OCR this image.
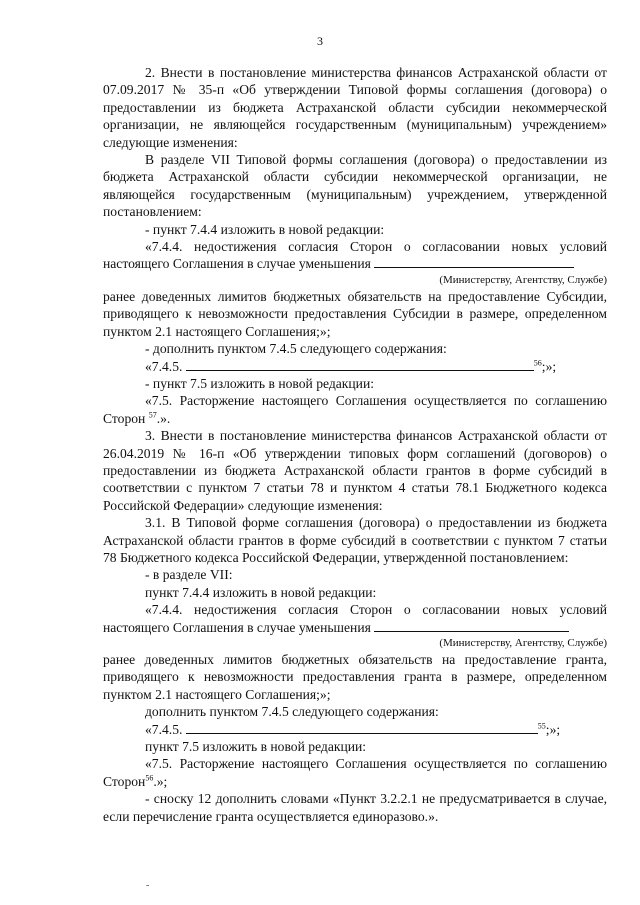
3

2. Внести в постановление министерства финансов Астраханской области от 07.09.2017 № 35-п «Об утверждении Типовой формы соглашения (договора) о предоставлении из бюджета Астраханской области субсидии некоммерческой организации, не являющейся государственным (муниципальным) учреждением» следующие изменения:

В разделе VII Типовой формы соглашения (договора) о предоставлении из бюджета Астраханской области субсидии некоммерческой организации, не являющейся государственным (муниципальным) учреждением, утвержденной постановлением:

- пункт 7.4.4 изложить в новой редакции:

«7.4.4. недостижения согласия Сторон о согласовании новых условий настоящего Соглашения в случае уменьшения

(Министерству, Агентству, Службе)

ранее доведенных лимитов бюджетных обязательств на предоставление Субсидии, приводящего к невозможности предоставления Субсидии в размере, определенном пунктом 2.1 настоящего Соглашения;»;

- дополнить пунктом 7.4.5 следующего содержания:

«7.4.5.	$^{56}$;»;

- пункт 7.5 изложить в новой редакции:

«7.5. Расторжение настоящего Соглашения осуществляется по соглашению Сторон $^{57}$.».

3. Внести в постановление министерства финансов Астраханской области от 26.04.2019 № 16-п «Об утверждении типовых форм соглашений (договоров) о предоставлении из бюджета Астраханской области грантов в форме субсидий в соответствии с пунктом 7 статьи 78 и пунктом 4 статьи 78.1 Бюджетного кодекса Российской Федерации» следующие изменения:

3.1. В Типовой форме соглашения (договора) о предоставлении из бюджета Астраханской области грантов в форме субсидий в соответствии с пунктом 7 статьи 78 Бюджетного кодекса Российской Федерации, утвержденной постановлением:

- в разделе VII:

пункт 7.4.4 изложить в новой редакции:

«7.4.4. недостижения согласия Сторон о согласовании новых условий настоящего Соглашения в случае уменьшения

(Министерству, Агентству, Службе)

ранее доведенных лимитов бюджетных обязательств на предоставление гранта, приводящего к невозможности предоставления гранта в размере, определенном пунктом 2.1 настоящего Соглашения;»;

дополнить пунктом 7.4.5 следующего содержания:

«7.4.5.	$^{55}$;»;

пункт 7.5 изложить в новой редакции:

«7.5. Расторжение настоящего Соглашения осуществляется по соглашению Сторон$^{56}$.»;

- сноску 12 дополнить словами «Пункт 3.2.2.1 не предусматривается в случае, если перечисление гранта осуществляется единоразово.».

-
